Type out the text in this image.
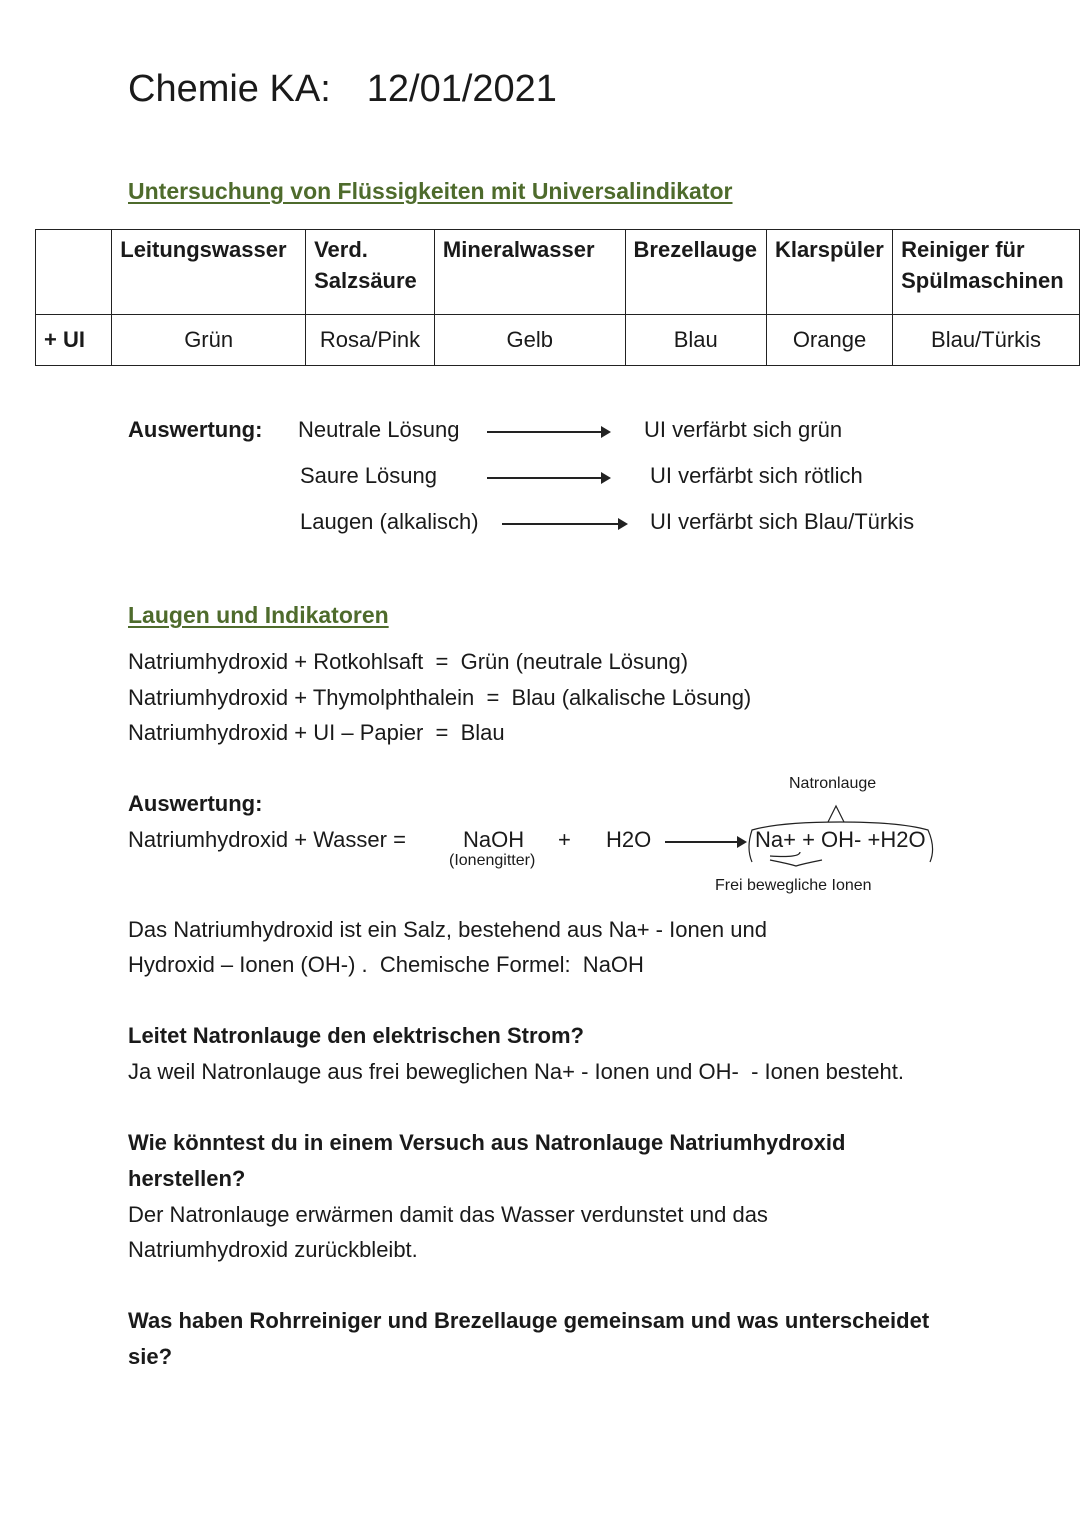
Chemie KA: 12/01/2021
Untersuchung von Flüssigkeiten mit Universalindikator
	Leitungswasser	Verd. Salzsäure	Mineralwasser	Brezellauge	Klarspüler	Reiniger für Spülmaschinen
+ UI	Grün	Rosa/Pink	Gelb	Blau	Orange	Blau/Türkis
Auswertung: Neutrale Lösung	UI verfärbt sich grün
Saure Lösung	UI verfärbt sich rötlich
Laugen (alkalisch)	UI verfärbt sich Blau/Türkis
Laugen und Indikatoren
Natriumhydroxid + Rotkohlsaft  =  Grün (neutrale Lösung)
Natriumhydroxid + Thymolphthalein  =  Blau (alkalische Lösung)
Natriumhydroxid + UI – Papier  =  Blau
Auswertung:
Natriumhydroxid + Wasser =	NaOH
(Ionengitter)
+ H2O	Na+ + OH- +H2O
Natronlauge
Frei bewegliche Ionen
Das Natriumhydroxid ist ein Salz, bestehend aus Na+ - Ionen und
Hydroxid – Ionen (OH-) .  Chemische Formel:  NaOH
Leitet Natronlauge den elektrischen Strom?
Ja weil Natronlauge aus frei beweglichen Na+ - Ionen und OH-  - Ionen besteht.
Wie könntest du in einem Versuch aus Natronlauge Natriumhydroxid
herstellen?
Der Natronlauge erwärmen damit das Wasser verdunstet und das
Natriumhydroxid zurückbleibt.
Was haben Rohrreiniger und Brezellauge gemeinsam und was unterscheidet
sie?
